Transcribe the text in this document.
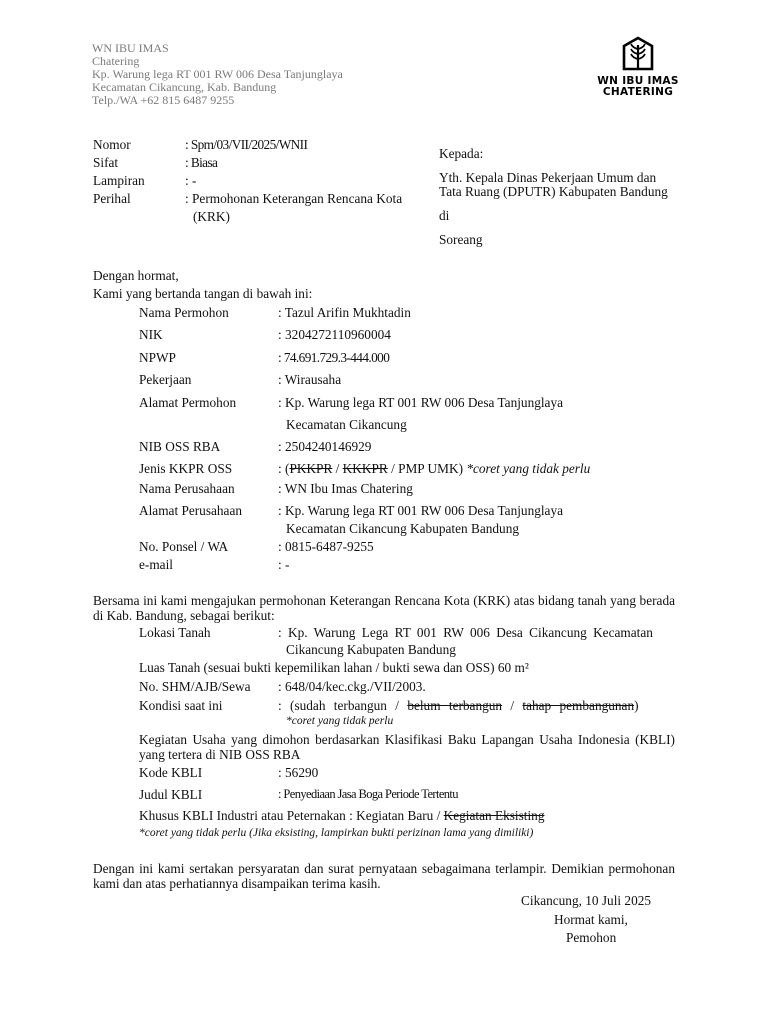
WN IBU IMAS
Chatering
Kp. Warung lega RT 001 RW 006 Desa Tanjunglaya
Kecamatan Cikancung, Kab. Bandung
Telp./WA +62 815 6487 9255
WN IBU IMAS
CHATERING
Nomor	: Spm/03/VII/2025/WNII
Sifat	: Biasa
Lampiran	: -
Perihal	: Permohonan Keterangan Rencana Kota
(KRK)
Kepada:
Yth. Kepala Dinas Pekerjaan Umum dan
Tata Ruang (DPUTR) Kabupaten Bandung
di
Soreang
Dengan hormat,
Kami yang bertanda tangan di bawah ini:
Nama Permohon	: Tazul Arifin Mukhtadin
NIK	: 3204272110960004
NPWP	: 74.691.729.3-444.000
Pekerjaan	: Wirausaha
Alamat Permohon	: Kp. Warung lega RT 001 RW 006 Desa Tanjunglaya
Kecamatan Cikancung
NIB OSS RBA	: 2504240146929
Jenis KKPR OSS	: (PKKPR / KKKPR / PMP UMK) *coret yang tidak perlu
Nama Perusahaan	: WN Ibu Imas Chatering
Alamat Perusahaan	: Kp. Warung lega RT 001 RW 006 Desa Tanjunglaya
Kecamatan Cikancung Kabupaten Bandung
No. Ponsel / WA	: 0815-6487-9255
e-mail	: -
Bersama ini kami mengajukan permohonan Keterangan Rencana Kota (KRK) atas bidang tanah yang berada di Kab. Bandung, sebagai berikut:
Lokasi Tanah	: Kp. Warung Lega RT 001 RW 006 Desa Cikancung Kecamatan
Cikancung Kabupaten Bandung
Luas Tanah (sesuai bukti kepemilikan lahan / bukti sewa dan OSS) 60 m²
No. SHM/AJB/Sewa : 648/04/kec.ckg./VII/2003.
Kondisi saat ini	: (sudah terbangun / belum terbangun / tahap pembangunan)
*coret yang tidak perlu
Kegiatan Usaha yang dimohon berdasarkan Klasifikasi Baku Lapangan Usaha Indonesia (KBLI) yang tertera di NIB OSS RBA
Kode KBLI	: 56290
Judul KBLI	: Penyediaan Jasa Boga Periode Tertentu
Khusus KBLI Industri atau Peternakan : Kegiatan Baru / Kegiatan Eksisting
*coret yang tidak perlu (Jika eksisting, lampirkan bukti perizinan lama yang dimiliki)
Dengan ini kami sertakan persyaratan dan surat pernyataan sebagaimana terlampir. Demikian permohonan kami dan atas perhatiannya disampaikan terima kasih.
Cikancung, 10 Juli 2025
Hormat kami,
Pemohon
